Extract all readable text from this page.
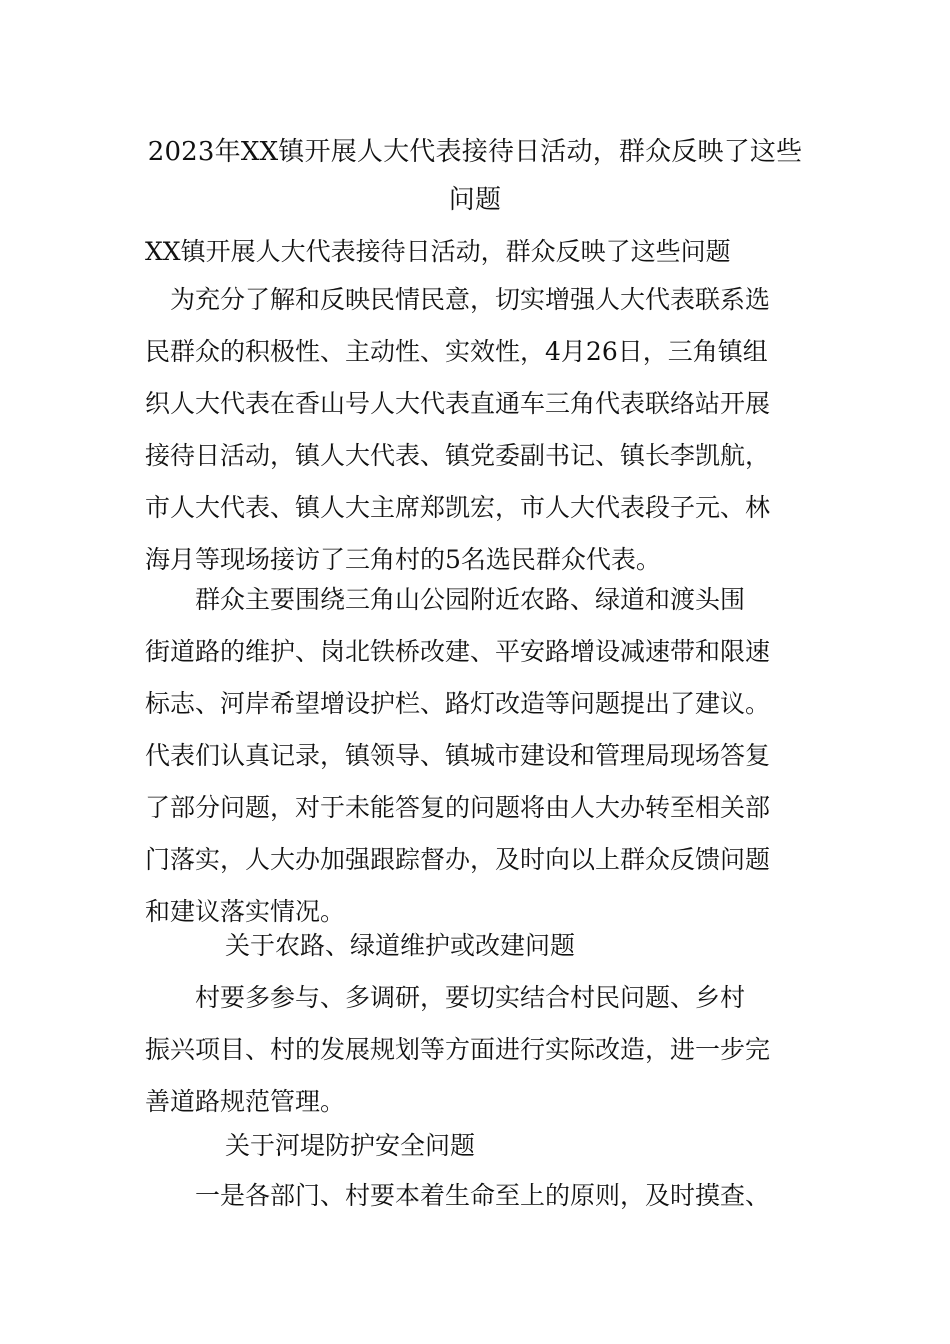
2023年XX镇开展人大代表接待日活动，群众反映了这些问题
XX镇开展人大代表接待日活动，群众反映了这些问题
　为充分了解和反映民情民意，切实增强人大代表联系选
民群众的积极性、主动性、实效性，4月26日，三角镇组
织人大代表在香山号人大代表直通车三角代表联络站开展
接待日活动，镇人大代表、镇党委副书记、镇长李凯航，
市人大代表、镇人大主席郑凯宏，市人大代表段子元、林
海月等现场接访了三角村的5名选民群众代表。
　　群众主要围绕三角山公园附近农路、绿道和渡头围
街道路的维护、岗北铁桥改建、平安路增设减速带和限速
标志、河岸希望增设护栏、路灯改造等问题提出了建议。
代表们认真记录，镇领导、镇城市建设和管理局现场答复
了部分问题，对于未能答复的问题将由人大办转至相关部
门落实，人大办加强跟踪督办，及时向以上群众反馈问题
和建议落实情况。
关于农路、绿道维护或改建问题
　　村要多参与、多调研，要切实结合村民问题、乡村
振兴项目、村的发展规划等方面进行实际改造，进一步完
善道路规范管理。
关于河堤防护安全问题
　　一是各部门、村要本着生命至上的原则，及时摸查、
